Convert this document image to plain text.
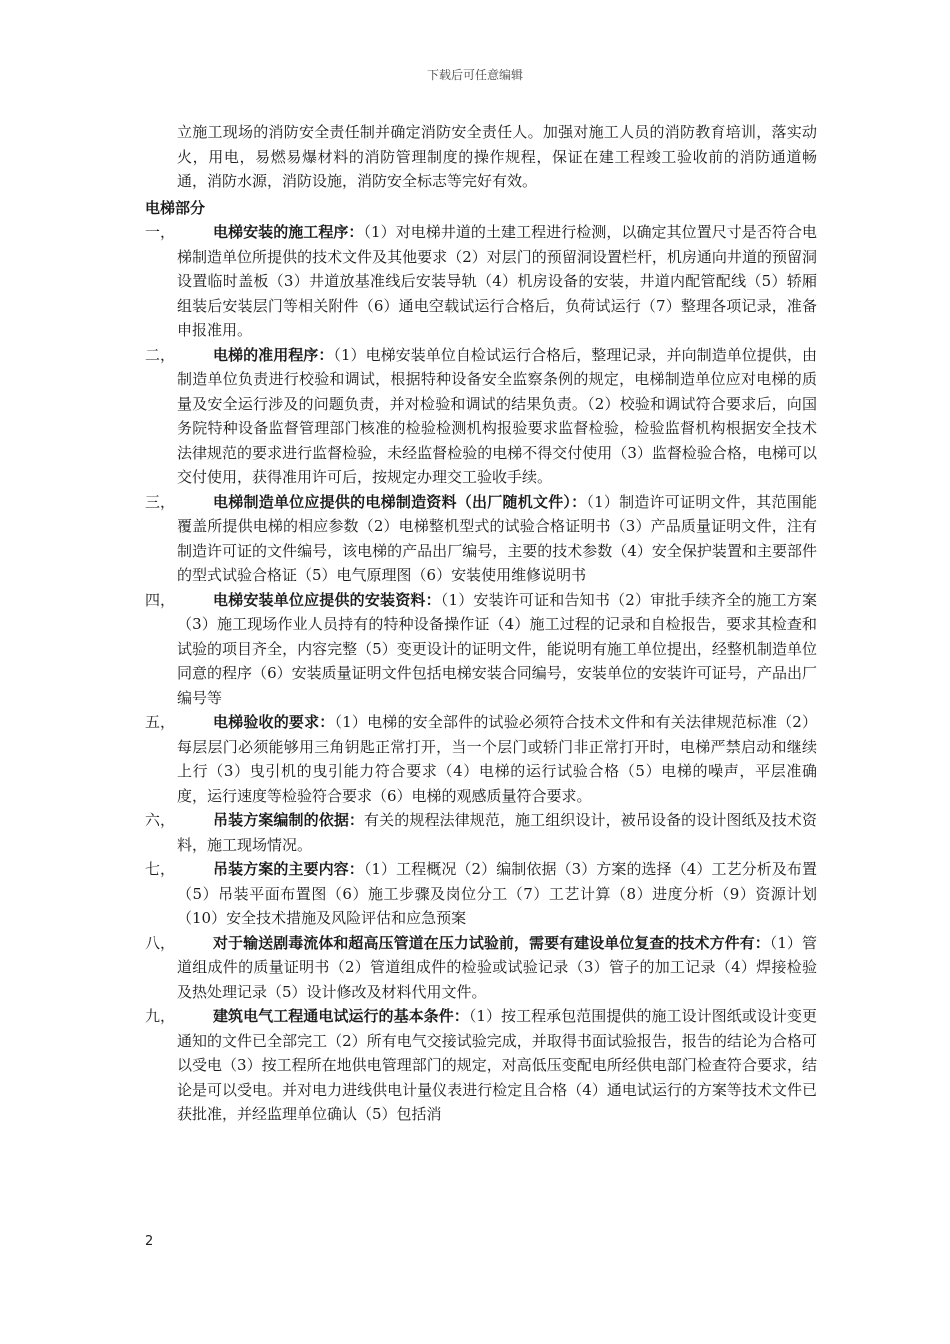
下载后可任意编辑
立施工现场的消防安全责任制并确定消防安全责任人。加强对施工人员的消防教育培训，落实动火，用电，易燃易爆材料的消防管理制度的操作规程，保证在建工程竣工验收前的消防通道畅通，消防水源，消防设施，消防安全标志等完好有效。
电梯部分
一，	电梯安装的施工程序：（1）对电梯井道的土建工程进行检测，以确定其位置尺寸是否符合电梯制造单位所提供的技术文件及其他要求（2）对层门的预留洞设置栏杆，机房通向井道的预留洞设置临时盖板（3）井道放基准线后安装导轨（4）机房设备的安装，井道内配管配线（5）轿厢组装后安装层门等相关附件（6）通电空载试运行合格后，负荷试运行（7）整理各项记录，准备申报准用。
二，	电梯的准用程序：（1）电梯安装单位自检试运行合格后，整理记录，并向制造单位提供，由制造单位负责进行校验和调试，根据特种设备安全监察条例的规定，电梯制造单位应对电梯的质量及安全运行涉及的问题负责，并对检验和调试的结果负责。（2）校验和调试符合要求后，向国务院特种设备监督管理部门核准的检验检测机构报验要求监督检验，检验监督机构根据安全技术法律规范的要求进行监督检验，未经监督检验的电梯不得交付使用（3）监督检验合格，电梯可以交付使用，获得准用许可后，按规定办理交工验收手续。
三，	电梯制造单位应提供的电梯制造资料（出厂随机文件）：（1）制造许可证明文件，其范围能覆盖所提供电梯的相应参数（2）电梯整机型式的试验合格证明书（3）产品质量证明文件，注有制造许可证的文件编号，该电梯的产品出厂编号，主要的技术参数（4）安全保护装置和主要部件的型式试验合格证（5）电气原理图（6）安装使用维修说明书
四，	电梯安装单位应提供的安装资料：（1）安装许可证和告知书（2）审批手续齐全的施工方案（3）施工现场作业人员持有的特种设备操作证（4）施工过程的记录和自检报告，要求其检查和试验的项目齐全，内容完整（5）变更设计的证明文件，能说明有施工单位提出，经整机制造单位同意的程序（6）安装质量证明文件包括电梯安装合同编号，安装单位的安装许可证号，产品出厂编号等
五，	电梯验收的要求：（1）电梯的安全部件的试验必须符合技术文件和有关法律规范标准（2）每层层门必须能够用三角钥匙正常打开，当一个层门或轿门非正常打开时，电梯严禁启动和继续上行（3）曳引机的曳引能力符合要求（4）电梯的运行试验合格（5）电梯的噪声，平层准确度，运行速度等检验符合要求（6）电梯的观感质量符合要求。
六，	吊装方案编制的依据：有关的规程法律规范，施工组织设计，被吊设备的设计图纸及技术资料，施工现场情况。
七，	吊装方案的主要内容：（1）工程概况（2）编制依据（3）方案的选择（4）工艺分析及布置（5）吊装平面布置图（6）施工步骤及岗位分工（7）工艺计算（8）进度分析（9）资源计划（10）安全技术措施及风险评估和应急预案
八，	对于输送剧毒流体和超高压管道在压力试验前，需要有建设单位复查的技术方件有：（1）管道组成件的质量证明书（2）管道组成件的检验或试验记录（3）管子的加工记录（4）焊接检验及热处理记录（5）设计修改及材料代用文件。
九，	建筑电气工程通电试运行的基本条件：（1）按工程承包范围提供的施工设计图纸或设计变更通知的文件已全部完工（2）所有电气交接试验完成，并取得书面试验报告，报告的结论为合格可以受电（3）按工程所在地供电管理部门的规定，对高低压变配电所经供电部门检查符合要求，结论是可以受电。并对电力进线供电计量仪表进行检定且合格（4）通电试运行的方案等技术文件已获批准，并经监理单位确认（5）包括消
2
